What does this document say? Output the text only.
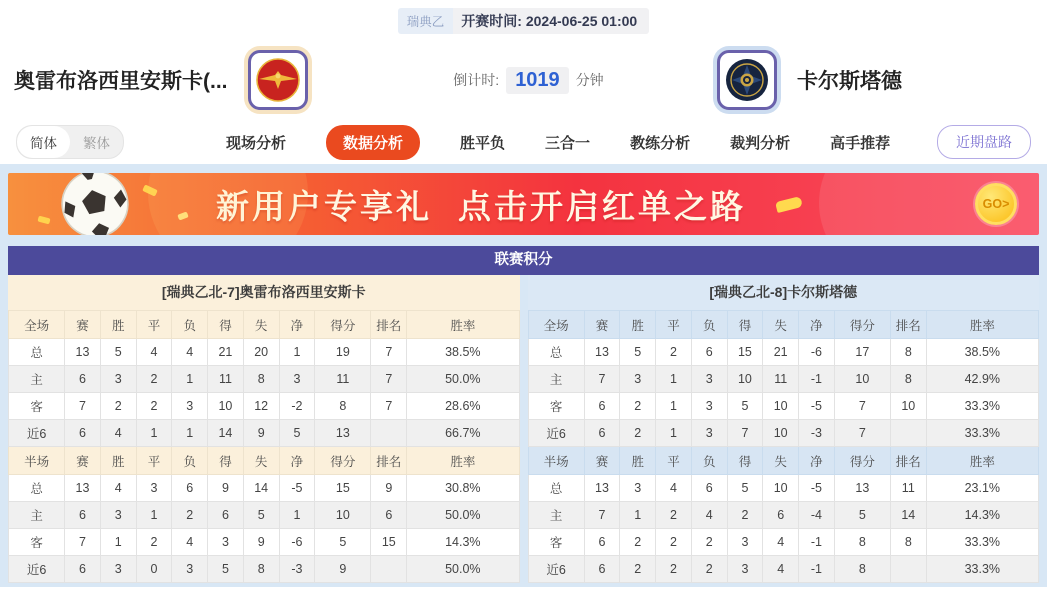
瑞典乙	开赛时间: 2024-06-25 01:00
奥雷布洛西里安斯卡(...	倒计时: 1019	分钟	卡尔斯塔德
简体	繁体	现场分析	数据分析	胜平负	三合一	教练分析	裁判分析	高手推荐	近期盘路
新用户专享礼 点击开启红单之路	GO>
联赛积分
[瑞典乙北-7]奥雷布洛西里安斯卡
全场	赛	胜	平	负	得	失	净	得分	排名	胜率
总	13	5	4	4	21	20	1	19	7	38.5%
主	6	3	2	1	11	8	3	11	7	50.0%
客	7	2	2	3	10	12	-2	8	7	28.6%
近6	6	4	1	1	14	9	5	13		66.7%
半场	赛	胜	平	负	得	失	净	得分	排名	胜率
总	13	4	3	6	9	14	-5	15	9	30.8%
主	6	3	1	2	6	5	1	10	6	50.0%
客	7	1	2	4	3	9	-6	5	15	14.3%
近6	6	3	0	3	5	8	-3	9		50.0%
[瑞典乙北-8]卡尔斯塔德
全场	赛	胜	平	负	得	失	净	得分	排名	胜率
总	13	5	2	6	15	21	-6	17	8	38.5%
主	7	3	1	3	10	11	-1	10	8	42.9%
客	6	2	1	3	5	10	-5	7	10	33.3%
近6	6	2	1	3	7	10	-3	7		33.3%
半场	赛	胜	平	负	得	失	净	得分	排名	胜率
总	13	3	4	6	5	10	-5	13	11	23.1%
主	7	1	2	4	2	6	-4	5	14	14.3%
客	6	2	2	2	3	4	-1	8	8	33.3%
近6	6	2	2	2	3	4	-1	8		33.3%
